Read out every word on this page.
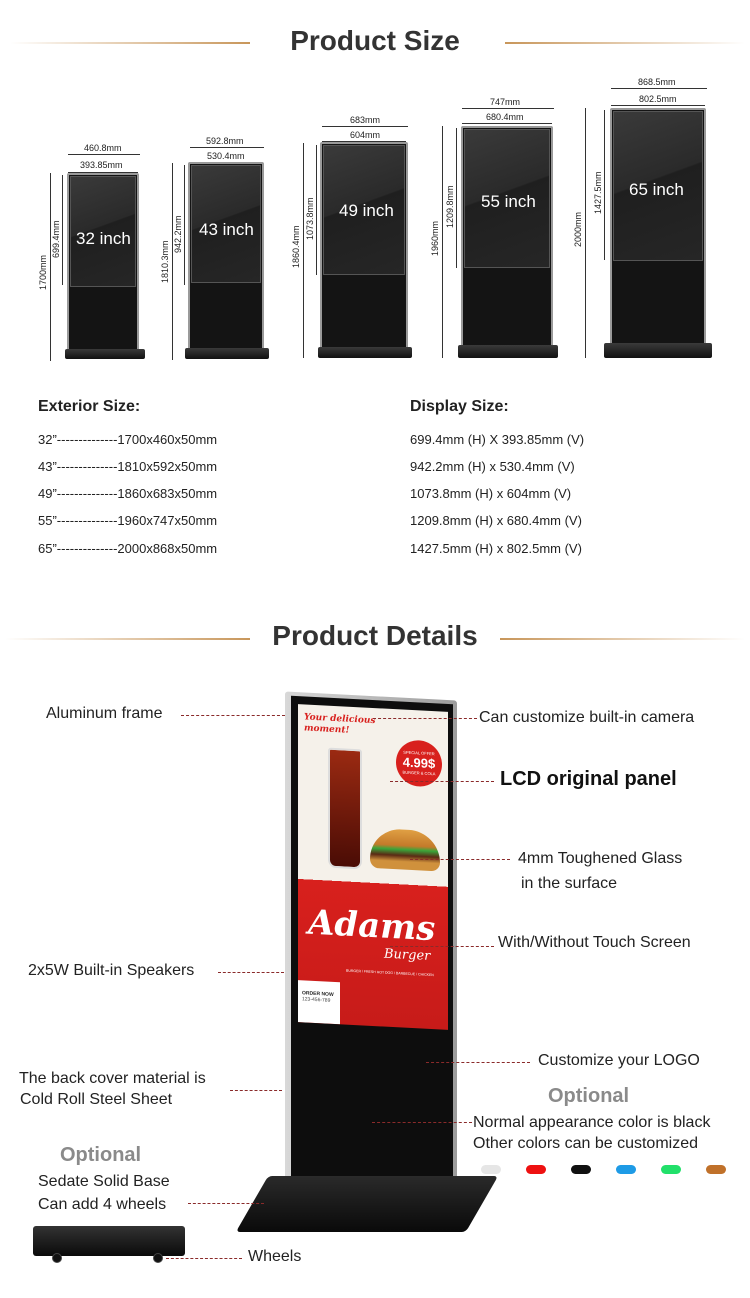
Product Size
460.8mm
393.85mm
1700mm
699.4mm 32 inch
592.8mm
530.4mm
1810.3mm
942.2mm 43 inch
683mm
604mm
1860.4mm
1073.8mm 49 inch
747mm
680.4mm
1960mm
1209.8mm 55 inch
868.5mm
802.5mm
2000mm
1427.5mm 65 inch
Exterior Size:
32”--------------1700x460x50mm
43”--------------1810x592x50mm
49”--------------1860x683x50mm
55”--------------1960x747x50mm
65”--------------2000x868x50mm
Display Size:
699.4mm (H) X 393.85mm (V)
942.2mm (H) x 530.4mm (V)
1073.8mm (H) x 604mm (V)
1209.8mm (H) x 680.4mm (V)
1427.5mm (H) x 802.5mm (V)
Product Details
Your delicious
moment!
SPECIAL OFFER
4.99$
BURGER & COLA
Adams
Burger
BURGER / FRESH HOT DOG / BARBECUE / CHICKEN
ORDER NOW
123-456-789
Aluminum frame
2x5W Built-in Speakers
The back cover material is
Cold Roll Steel Sheet
Optional
Sedate Solid Base
Can add 4 wheels
Wheels
Can customize built-in camera
LCD original panel
4mm Toughened Glass
in the surface
With/Without Touch Screen
Customize your LOGO
Optional
Normal appearance color is black
Other colors can be customized
